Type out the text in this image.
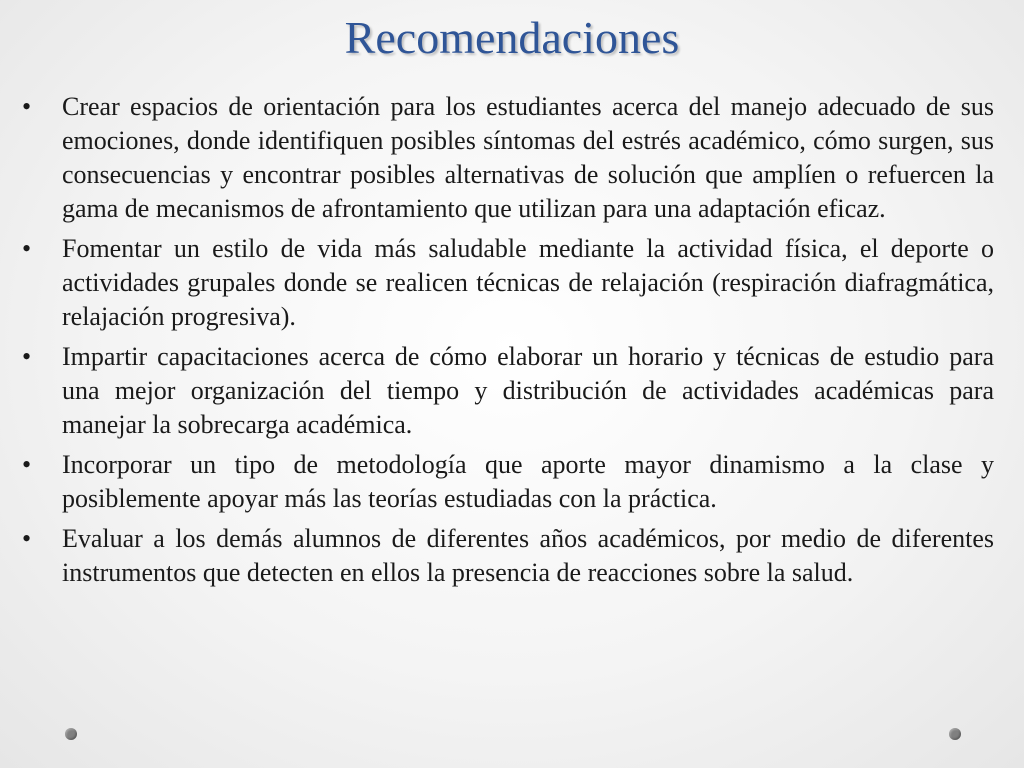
Recomendaciones
•	Crear espacios de orientación para los estudiantes acerca del manejo adecuado de sus emociones, donde identifiquen posibles síntomas del estrés académico, cómo surgen, sus consecuencias y encontrar posibles alternativas de solución que amplíen o refuercen la gama de mecanismos de afrontamiento que utilizan para una adaptación eficaz.
•	Fomentar un estilo de vida más saludable mediante la actividad física, el deporte o actividades grupales donde se realicen técnicas de relajación (respiración diafragmática, relajación progresiva).
•	Impartir capacitaciones acerca de cómo elaborar un horario y técnicas de estudio para una mejor organización del tiempo y distribución de actividades académicas para manejar la sobrecarga académica.
•	Incorporar un tipo de metodología que aporte mayor dinamismo a la clase y posiblemente apoyar más las teorías estudiadas con la práctica.
•	Evaluar a los demás alumnos de diferentes años académicos, por medio de diferentes instrumentos que detecten en ellos la presencia de reacciones sobre la salud.
